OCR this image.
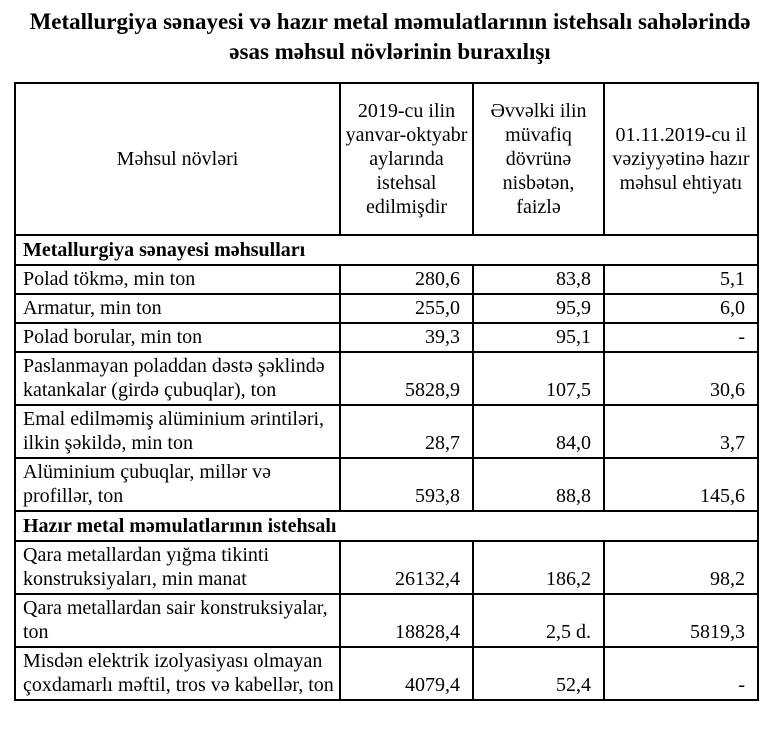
Metallurgiya sənayesi və hazır metal məmulatlarının istehsalı sahələrində əsas məhsul növlərinin buraxılışı
Məhsul növləri	2019-cu ilin yanvar-oktyabr aylarında istehsal edilmişdir	Əvvəlki ilin müvafiq dövrünə nisbətən, faizlə	01.11.2019-cu il vəziyyətinə hazır məhsul ehtiyatı
Metallurgiya sənayesi məhsulları			
Polad tökmə, min ton	280,6	83,8	5,1
Armatur, min ton	255,0	95,9	6,0
Polad borular, min ton	39,3	95,1	-
Paslanmayan poladdan dəstə şəklində katankalar (girdə çubuqlar), ton	5828,9	107,5	30,6
Emal edilməmiş alüminium ərintiləri, ilkin şəkildə, min ton	28,7	84,0	3,7
Alüminium çubuqlar, millər və profillər, ton	593,8	88,8	145,6
Hazır metal məmulatlarının istehsalı			
Qara metallardan yığma tikinti konstruksiyaları, min manat	26132,4	186,2	98,2
Qara metallardan sair konstruksiyalar, ton	18828,4	2,5 d.	5819,3
Misdən elektrik izolyasiyası olmayan çoxdamarlı məftil, tros və kabellər, ton	4079,4	52,4	-
